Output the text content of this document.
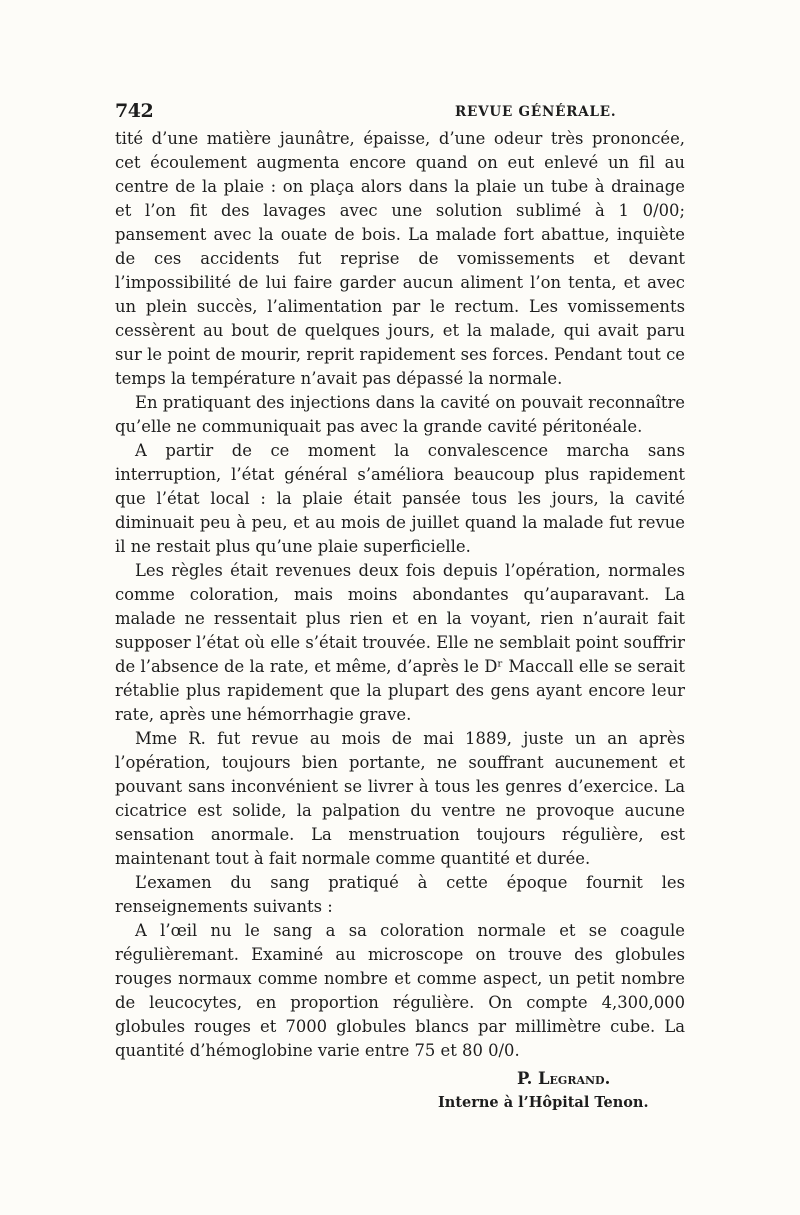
742	REVUE GÉNÉRALE.

tité d’une matière jaunâtre, épaisse, d’une odeur très prononcée, cet écoulement augmenta encore quand on eut enlevé un fil au centre de la plaie : on plaça alors dans la plaie un tube à drainage et l’on fit des lavages avec une solution sublimé à 1 0/00; pansement avec la ouate de bois. La malade fort abattue, inquiète de ces accidents fut reprise de vomissements et devant l’impossibilité de lui faire garder aucun aliment l’on tenta, et avec un plein succès, l’alimentation par le rectum. Les vomissements cessèrent au bout de quelques jours, et la malade, qui avait paru sur le point de mourir, reprit rapidement ses forces. Pendant tout ce temps la température n’avait pas dépassé la normale.

En pratiquant des injections dans la cavité on pouvait reconnaître qu’elle ne communiquait pas avec la grande cavité péritonéale.

A partir de ce moment la convalescence marcha sans interruption, l’état général s’améliora beaucoup plus rapidement que l’état local : la plaie était pansée tous les jours, la cavité diminuait peu à peu, et au mois de juillet quand la malade fut revue il ne restait plus qu’une plaie superficielle.

Les règles était revenues deux fois depuis l’opération, normales comme coloration, mais moins abondantes qu’auparavant. La malade ne ressentait plus rien et en la voyant, rien n’aurait fait supposer l’état où elle s’était trouvée. Elle ne semblait point souffrir de l’absence de la rate, et même, d’après le Dʳ Maccall elle se serait rétablie plus rapidement que la plupart des gens ayant encore leur rate, après une hémorrhagie grave.

Mme R. fut revue au mois de mai 1889, juste un an après l’opération, toujours bien portante, ne souffrant aucunement et pouvant sans inconvénient se livrer à tous les genres d’exercice. La cicatrice est solide, la palpation du ventre ne provoque aucune sensation anormale. La menstruation toujours régulière, est maintenant tout à fait normale comme quantité et durée.

L’examen du sang pratiqué à cette époque fournit les renseignements suivants :

A l’œil nu le sang a sa coloration normale et se coagule régulièremant. Examiné au microscope on trouve des globules rouges normaux comme nombre et comme aspect, un petit nombre de leucocytes, en proportion régulière. On compte 4,300,000 globules rouges et 7000 globules blancs par millimètre cube. La quantité d’hémoglobine varie entre 75 et 80 0/0.

P. Legrand.
Interne à l’Hôpital Tenon.
